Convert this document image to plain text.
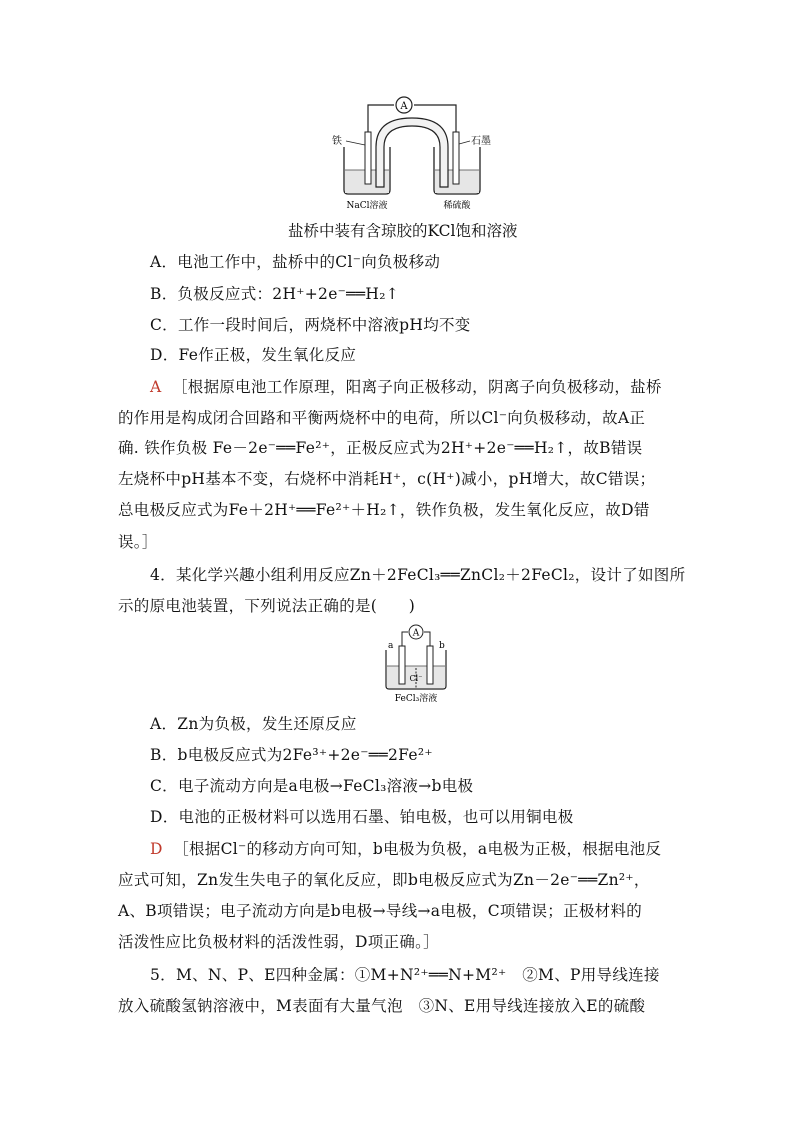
A
铁	石墨
NaCl溶液	稀硫酸
盐桥中装有含琼胶的KCl饱和溶液
A．电池工作中，盐桥中的Cl⁻向负极移动
B．负极反应式：2H⁺+2e⁻══H₂↑
C．工作一段时间后，两烧杯中溶液pH均不变
D．Fe作正极，发生氧化反应
A ［根据原电池工作原理，阳离子向正极移动，阴离子向负极移动，盐桥
的作用是构成闭合回路和平衡两烧杯中的电荷，所以Cl⁻向负极移动，故A正
确. 铁作负极 Fe－2e⁻══Fe²⁺，正极反应式为2H⁺+2e⁻══H₂↑，故B错误
左烧杯中pH基本不变，右烧杯中消耗H⁺，c(H⁺)减小，pH增大，故C错误；
总电极反应式为Fe＋2H⁺══Fe²⁺＋H₂↑，铁作负极，发生氧化反应，故D错
误。］
4．某化学兴趣小组利用反应Zn＋2FeCl₃══ZnCl₂＋2FeCl₂，设计了如图所
示的原电池装置，下列说法正确的是(　　)
A
a	b
Cl⁻
FeCl₃溶液
A．Zn为负极，发生还原反应
B．b电极反应式为2Fe³⁺+2e⁻══2Fe²⁺
C．电子流动方向是a电极→FeCl₃溶液→b电极
D．电池的正极材料可以选用石墨、铂电极，也可以用铜电极
D ［根据Cl⁻的移动方向可知，b电极为负极，a电极为正极，根据电池反
应式可知，Zn发生失电子的氧化反应，即b电极反应式为Zn－2e⁻══Zn²⁺，
A、B项错误；电子流动方向是b电极→导线→a电极，C项错误；正极材料的
活泼性应比负极材料的活泼性弱，D项正确。］
5．M、N、P、E四种金属：①M+N²⁺══N+M²⁺　②M、P用导线连接
放入硫酸氢钠溶液中，M表面有大量气泡　③N、E用导线连接放入E的硫酸
